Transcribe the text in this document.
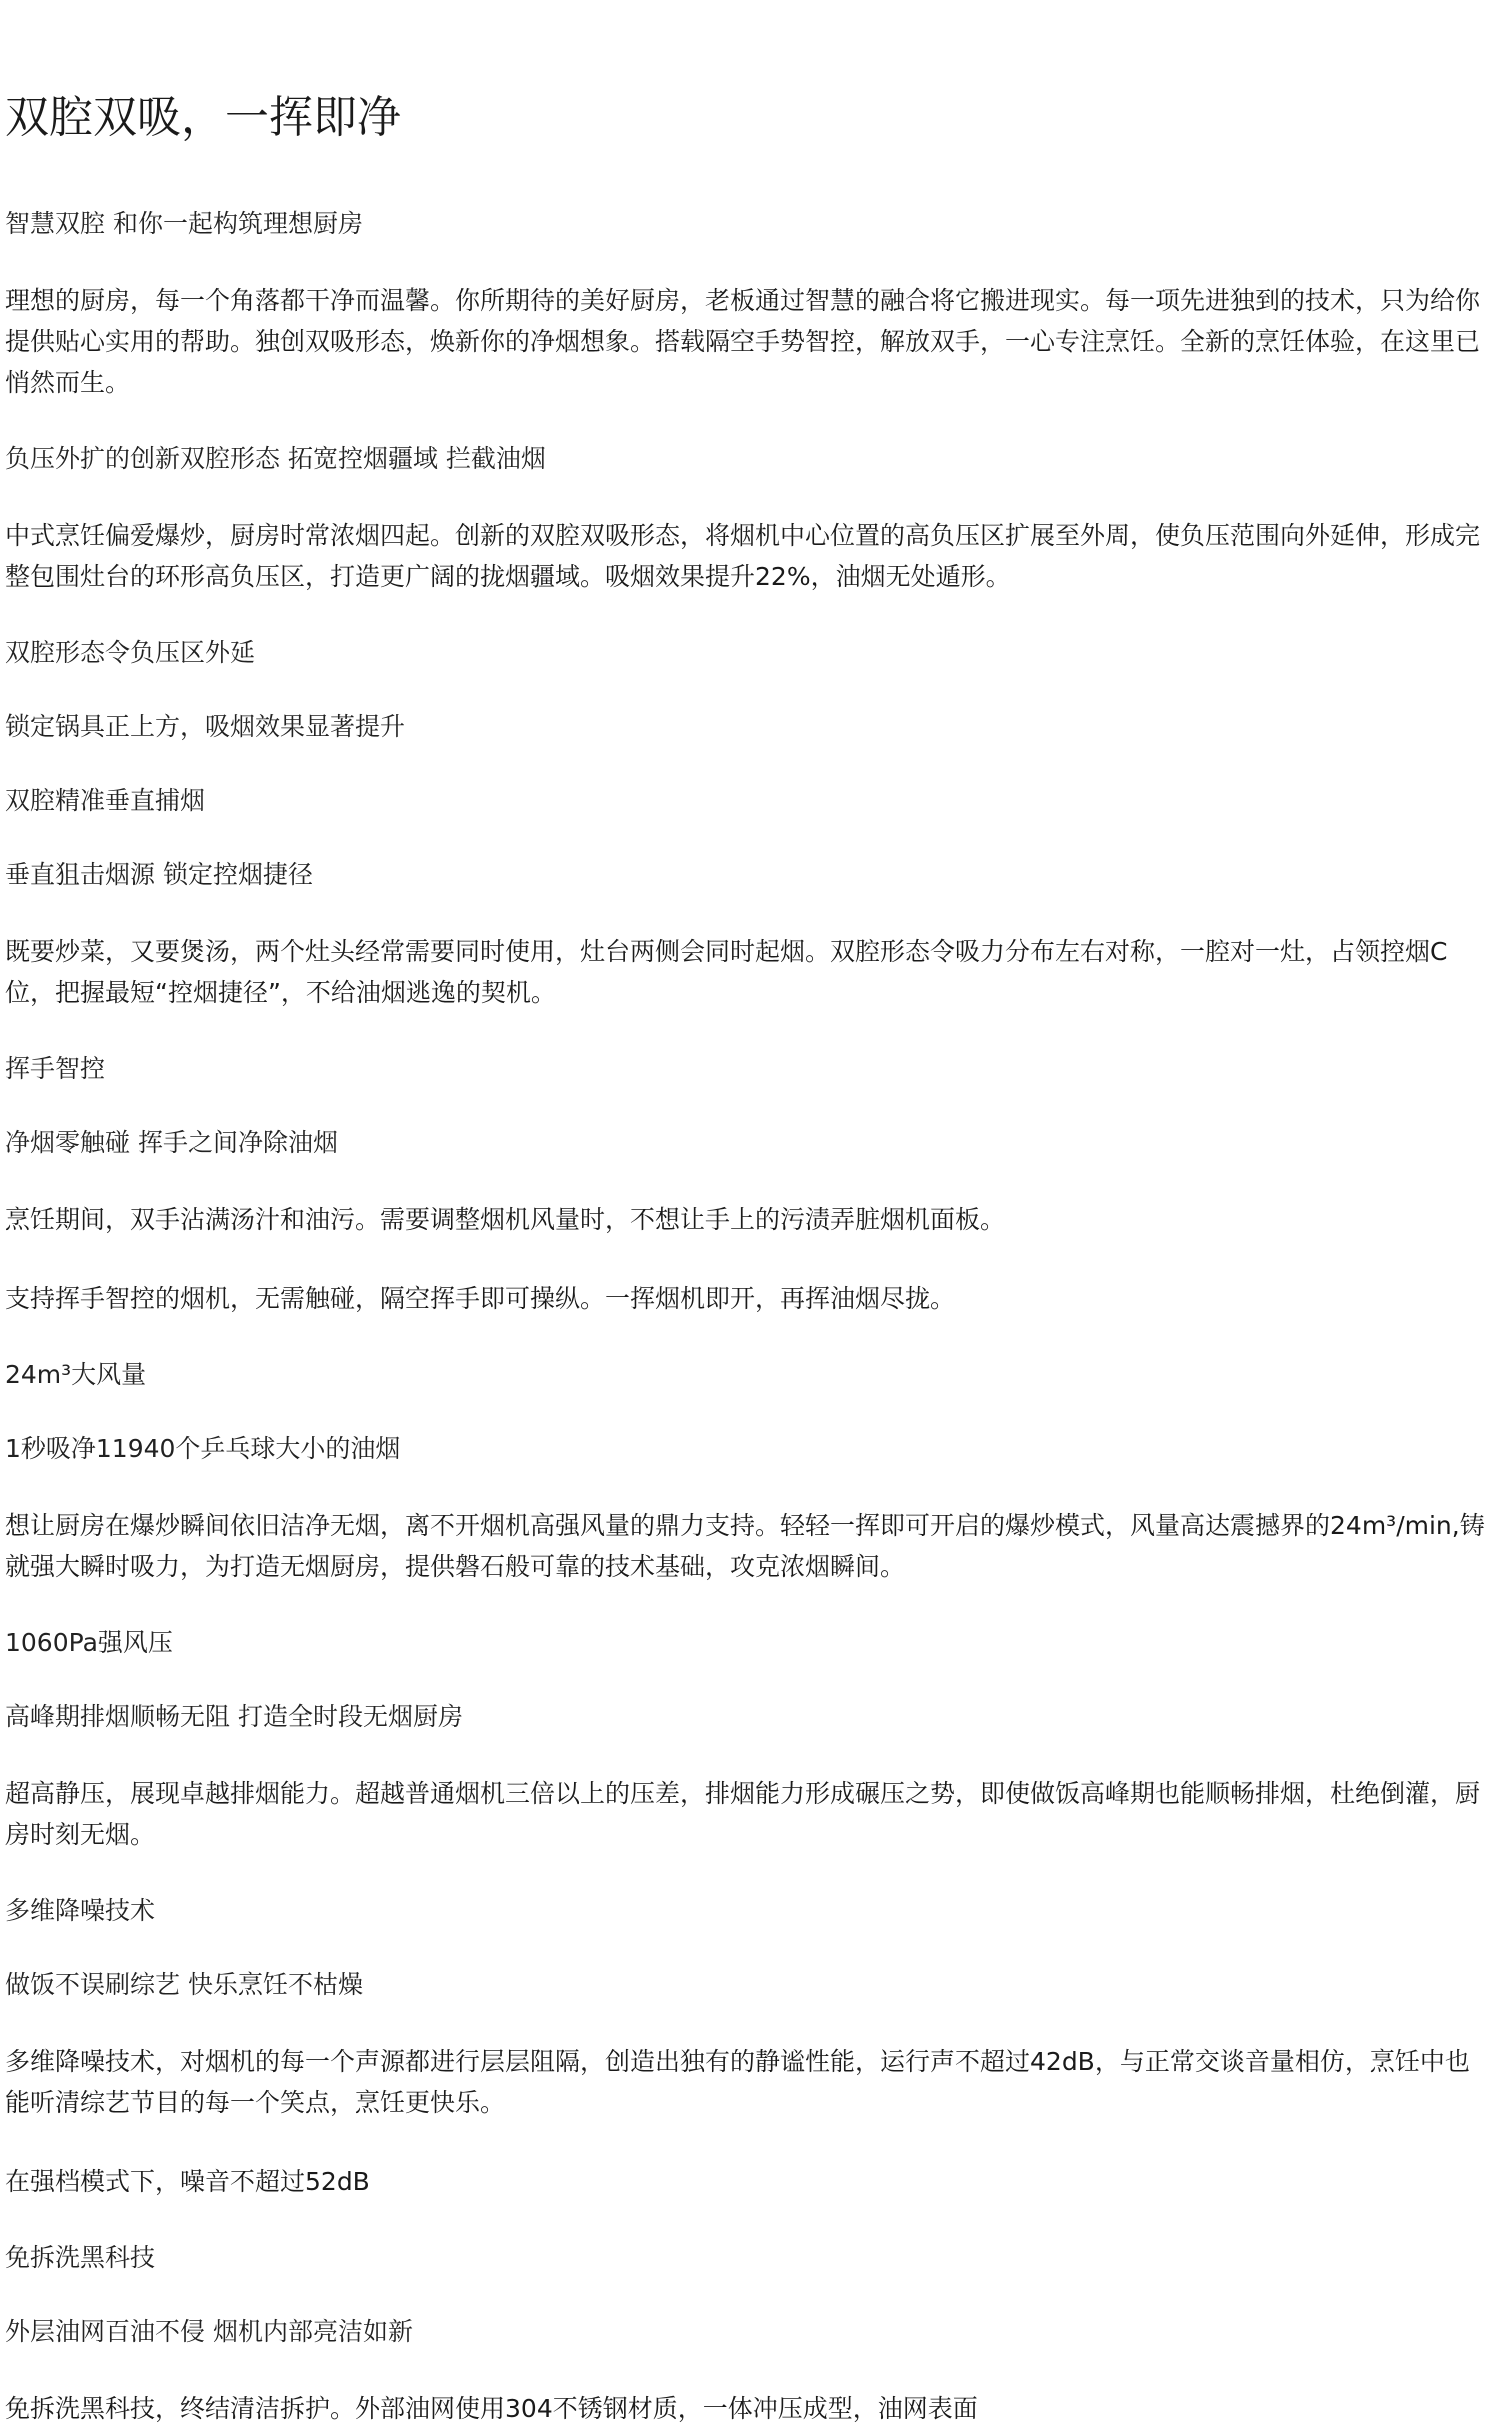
双腔双吸，一挥即净
智慧双腔 和你一起构筑理想厨房

理想的厨房，每一个角落都干净而温馨。你所期待的美好厨房，老板通过智慧的融合将它搬进现实。每一项先进独到的技术，只为给你提供贴心实用的帮助。独创双吸形态，焕新你的净烟想象。搭载隔空手势智控，解放双手，一心专注烹饪。全新的烹饪体验，在这里已悄然而生。

负压外扩的创新双腔形态 拓宽控烟疆域 拦截油烟

中式烹饪偏爱爆炒，厨房时常浓烟四起。创新的双腔双吸形态，将烟机中心位置的高负压区扩展至外周，使负压范围向外延伸，形成完整包围灶台的环形高负压区，打造更广阔的拢烟疆域。吸烟效果提升22%，油烟无处遁形。

双腔形态令负压区外延
锁定锅具正上方，吸烟效果显著提升
双腔精准垂直捕烟
垂直狙击烟源 锁定控烟捷径

既要炒菜，又要煲汤，两个灶头经常需要同时使用，灶台两侧会同时起烟。双腔形态令吸力分布左右对称，一腔对一灶，占领控烟C位，把握最短“控烟捷径”，不给油烟逃逸的契机。

挥手智控
净烟零触碰 挥手之间净除油烟

烹饪期间，双手沾满汤汁和油污。需要调整烟机风量时，不想让手上的污渍弄脏烟机面板。

支持挥手智控的烟机，无需触碰，隔空挥手即可操纵。一挥烟机即开，再挥油烟尽拢。

24m³大风量
1秒吸净11940个乒乓球大小的油烟

想让厨房在爆炒瞬间依旧洁净无烟，离不开烟机高强风量的鼎力支持。轻轻一挥即可开启的爆炒模式，风量高达震撼界的24m³/min,铸就强大瞬时吸力，为打造无烟厨房，提供磐石般可靠的技术基础，攻克浓烟瞬间。

1060Pa强风压
高峰期排烟顺畅无阻 打造全时段无烟厨房

超高静压，展现卓越排烟能力。超越普通烟机三倍以上的压差，排烟能力形成碾压之势，即使做饭高峰期也能顺畅排烟，杜绝倒灌，厨房时刻无烟。

多维降噪技术
做饭不误刷综艺 快乐烹饪不枯燥

多维降噪技术，对烟机的每一个声源都进行层层阻隔，创造出独有的静谧性能，运行声不超过42dB，与正常交谈音量相仿，烹饪中也能听清综艺节目的每一个笑点，烹饪更快乐。

在强档模式下，噪音不超过52dB

免拆洗黑科技
外层油网百油不侵 烟机内部亮洁如新

免拆洗黑科技，终结清洁拆护。外部油网使用304不锈钢材质，一体冲压成型，油网表面
